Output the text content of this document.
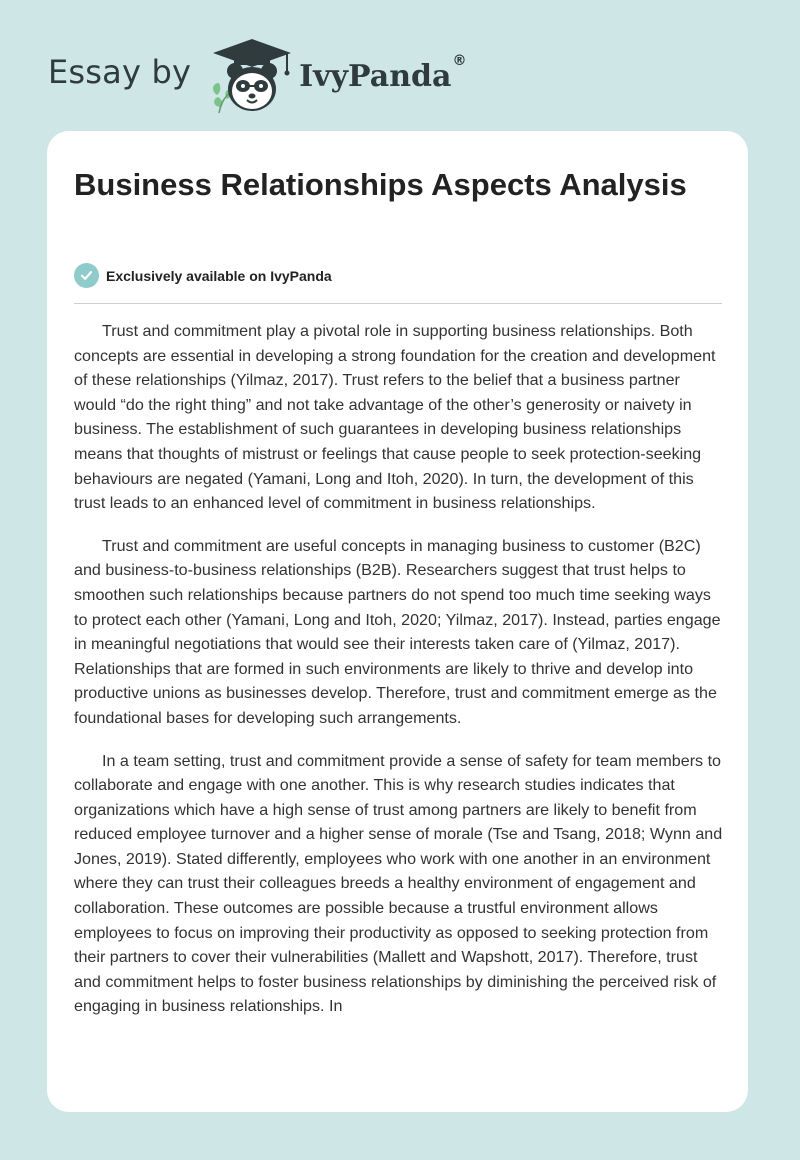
Essay by	IvyPanda®
Business Relationships Aspects Analysis
Exclusively available on IvyPanda

Trust and commitment play a pivotal role in supporting business relationships. Both concepts are essential in developing a strong foundation for the creation and development of these relationships (Yilmaz, 2017). Trust refers to the belief that a business partner would “do the right thing” and not take advantage of the other’s generosity or naivety in business. The establishment of such guarantees in developing business relationships means that thoughts of mistrust or feelings that cause people to seek protection-seeking behaviours are negated (Yamani, Long and Itoh, 2020). In turn, the development of this trust leads to an enhanced level of commitment in business relationships.

Trust and commitment are useful concepts in managing business to customer (B2C) and business-to-business relationships (B2B). Researchers suggest that trust helps to smoothen such relationships because partners do not spend too much time seeking ways to protect each other (Yamani, Long and Itoh, 2020; Yilmaz, 2017). Instead, parties engage in meaningful negotiations that would see their interests taken care of (Yilmaz, 2017). Relationships that are formed in such environments are likely to thrive and develop into productive unions as businesses develop. Therefore, trust and commitment emerge as the foundational bases for developing such arrangements.

In a team setting, trust and commitment provide a sense of safety for team members to collaborate and engage with one another. This is why research studies indicates that organizations which have a high sense of trust among partners are likely to benefit from reduced employee turnover and a higher sense of morale (Tse and Tsang, 2018; Wynn and Jones, 2019). Stated differently, employees who work with one another in an environment where they can trust their colleagues breeds a healthy environment of engagement and collaboration. These outcomes are possible because a trustful environment allows employees to focus on improving their productivity as opposed to seeking protection from their partners to cover their vulnerabilities (Mallett and Wapshott, 2017). Therefore, trust and commitment helps to foster business relationships by diminishing the perceived risk of engaging in business relationships. In
